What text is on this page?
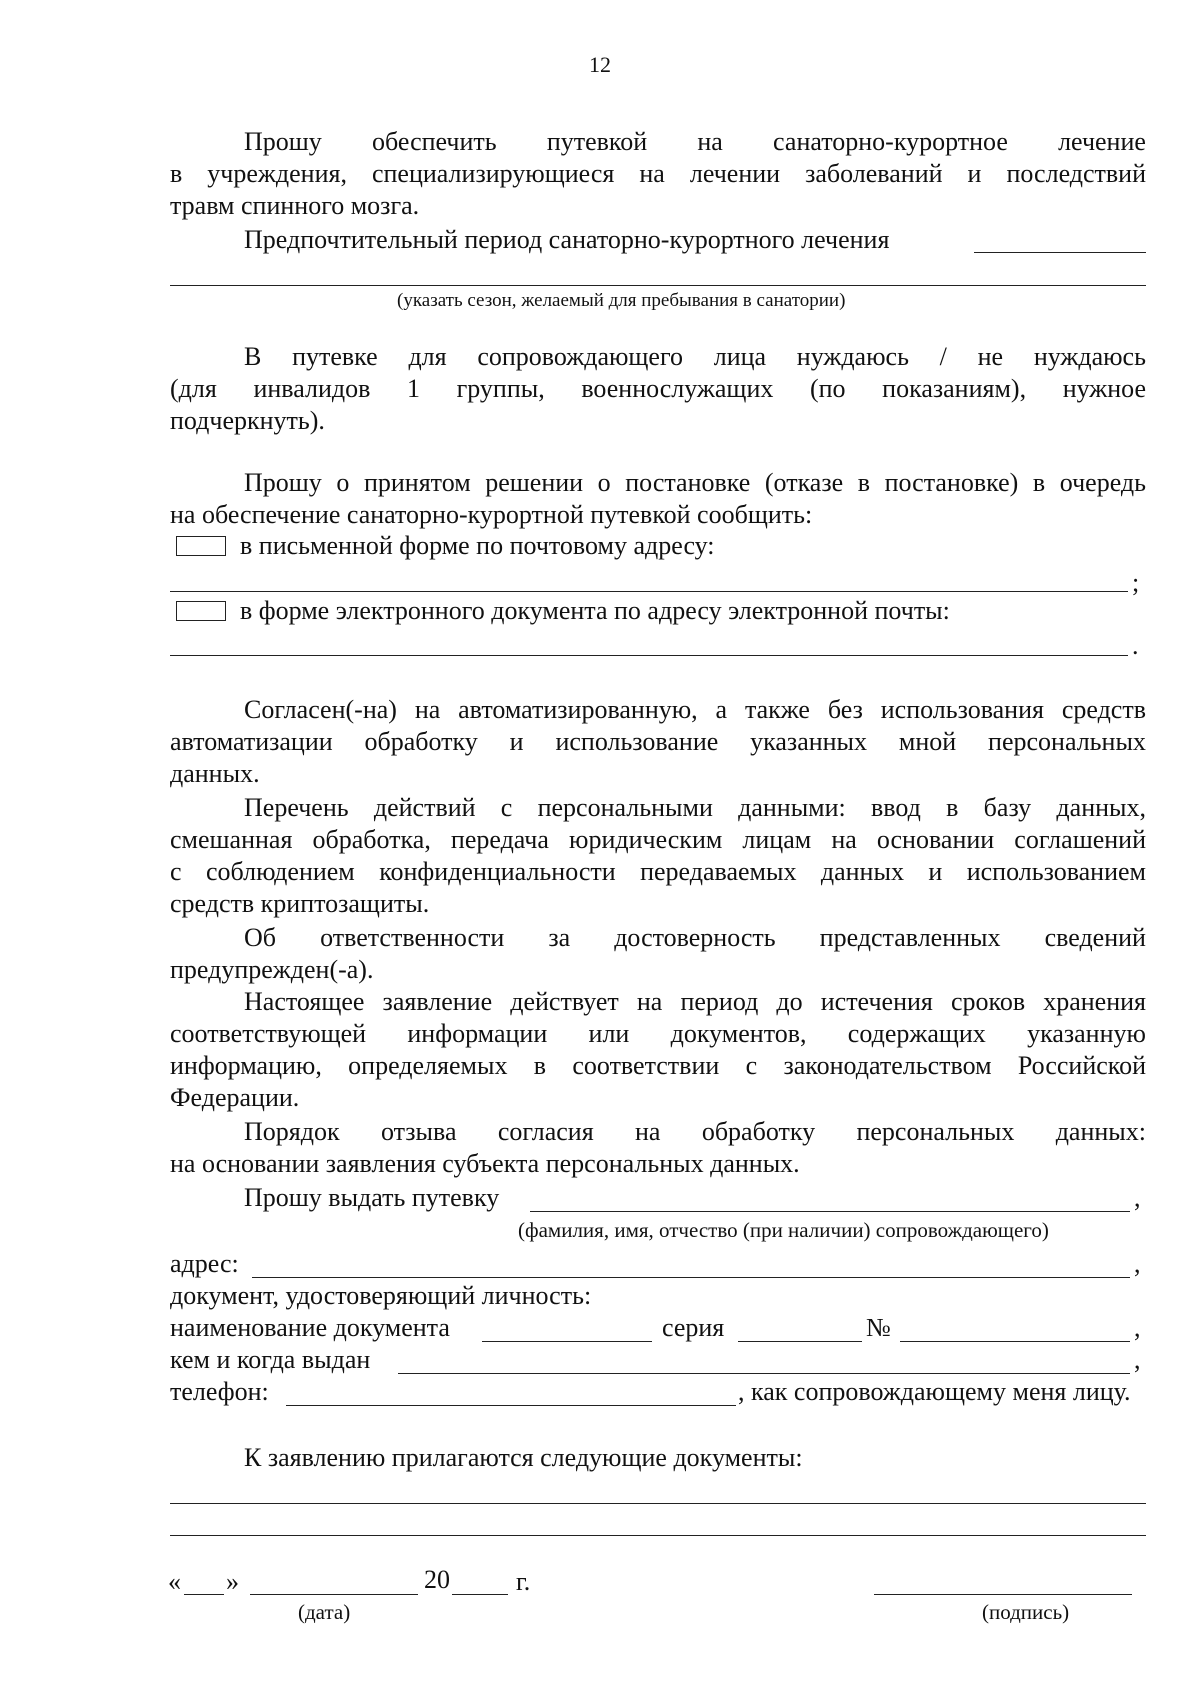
12
Прошу обеспечить путевкой на санаторно-курортное лечение
в учреждения, специализирующиеся на лечении заболеваний и последствий
травм спинного мозга.
Предпочтительный период санаторно-курортного лечения
(указать сезон, желаемый для пребывания в санатории)
В путевке для сопровождающего лица нуждаюсь / не нуждаюсь
(для инвалидов 1 группы, военнослужащих (по показаниям), нужное
подчеркнуть).
Прошу о принятом решении о постановке (отказе в постановке) в очередь
на обеспечение санаторно-курортной путевкой сообщить:
в письменной форме по почтовому адресу:
;
в форме электронного документа по адресу электронной почты:
.
Согласен(-на) на автоматизированную, а также без использования средств
автоматизации обработку и использование указанных мной персональных
данных.
Перечень действий с персональными данными: ввод в базу данных,
смешанная обработка, передача юридическим лицам на основании соглашений
с соблюдением конфиденциальности передаваемых данных и использованием
средств криптозащиты.
Об ответственности за достоверность представленных сведений
предупрежден(-а).
Настоящее заявление действует на период до истечения сроков хранения
соответствующей информации или документов, содержащих указанную
информацию, определяемых в соответствии с законодательством Российской
Федерации.
Порядок отзыва согласия на обработку персональных данных:
на основании заявления субъекта персональных данных.
Прошу выдать путевку	,
(фамилия, имя, отчество (при наличии) сопровождающего)
адрес:	,
документ, удостоверяющий личность:
наименование документа	серия	№	,
кем и когда выдан	,
телефон:	, как сопровождающему меня лицу.
К заявлению прилагаются следующие документы:
« »	20	г.
(дата)	(подпись)
